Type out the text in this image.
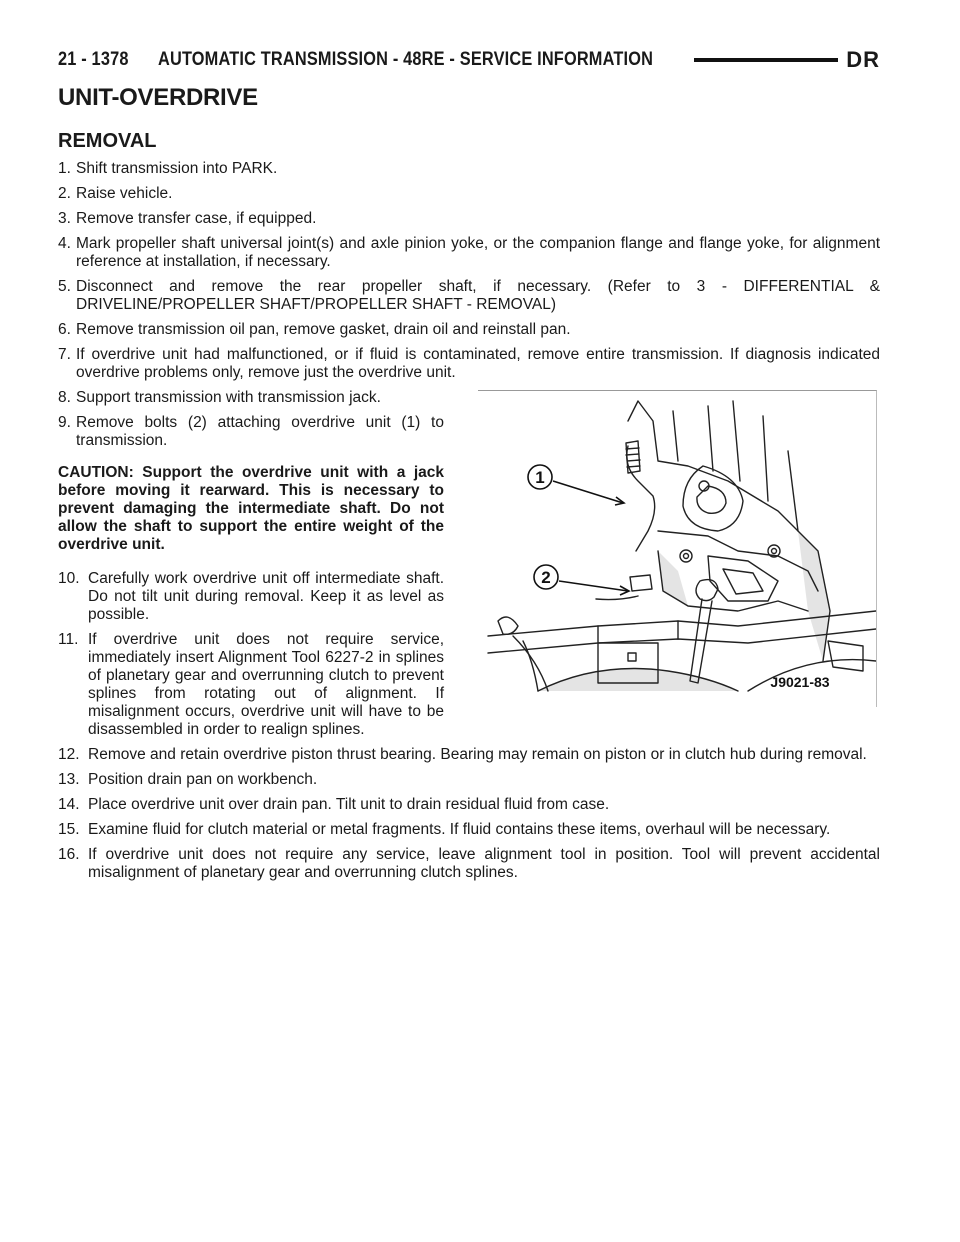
21 - 1378 AUTOMATIC TRANSMISSION - 48RE - SERVICE INFORMATION	DR
UNIT-OVERDRIVE
REMOVAL
1. Shift transmission into PARK.
2. Raise vehicle.
3. Remove transfer case, if equipped.
4. Mark propeller shaft universal joint(s) and axle pinion yoke, or the companion flange and flange yoke, for alignment reference at installation, if necessary.
5. Disconnect and remove the rear propeller shaft, if necessary. (Refer to 3 - DIFFERENTIAL & DRIVELINE/PROPELLER SHAFT/PROPELLER SHAFT - REMOVAL)
6. Remove transmission oil pan, remove gasket, drain oil and reinstall pan.
7. If overdrive unit had malfunctioned, or if fluid is contaminated, remove entire transmission. If diagnosis indicated overdrive problems only, remove just the overdrive unit.
8. Support transmission with transmission jack.
9. Remove bolts (2) attaching overdrive unit (1) to transmission.
CAUTION: Support the overdrive unit with a jack before moving it rearward. This is necessary to prevent damaging the intermediate shaft. Do not allow the shaft to support the entire weight of the overdrive unit.
10. Carefully work overdrive unit off intermediate shaft. Do not tilt unit during removal. Keep it as level as possible.
11. If overdrive unit does not require service, immediately insert Alignment Tool 6227-2 in splines of planetary gear and overrunning clutch to prevent splines from rotating out of alignment. If misalignment occurs, overdrive unit will have to be disassembled in order to realign splines.
12. Remove and retain overdrive piston thrust bearing. Bearing may remain on piston or in clutch hub during removal.
13. Position drain pan on workbench.
14. Place overdrive unit over drain pan. Tilt unit to drain residual fluid from case.
15. Examine fluid for clutch material or metal fragments. If fluid contains these items, overhaul will be necessary.
16. If overdrive unit does not require any service, leave alignment tool in position. Tool will prevent accidental misalignment of planetary gear and overrunning clutch splines.
1
2
J9021-83
